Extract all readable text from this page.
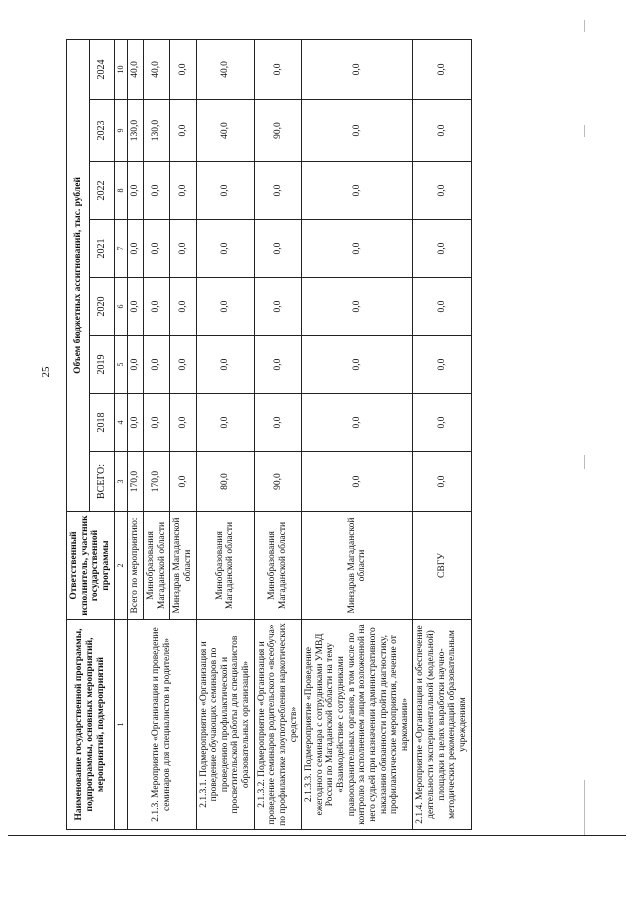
25
Наименование государственной программы, подпрограммы, основных мероприятий, мероприятий, подмероприятий	Ответственный исполнитель, участник государственной программы	Объем бюджетных ассигнований, тыс. рублей							
		ВСЕГО:	2018	2019	2020	2021	2022	2023	2024
1	2	3	4	5	6	7	8	9	10
2.1.3. Мероприятие «Организация и проведение семинаров для специалистов и родителей»	Всего по мероприятию:	170,0	0,0	0,0	0,0	0,0	0,0	130,0	40,0
	Минобразования Магаданской области	170,0	0,0	0,0	0,0	0,0	0,0	130,0	40,0
	Минздрав Магаданской области	0,0	0,0	0,0	0,0	0,0	0,0	0,0	0,0
2.1.3.1. Подмероприятие «Организация и проведение обучающих семинаров по проведению профилактической и просветительской работы для специалистов образовательных организаций»	Минобразования Магаданской области	80,0	0,0	0,0	0,0	0,0	0,0	40,0	40,0
2.1.3.2. Подмероприятие «Организация и проведение семинаров родительского «всеобуча» по профилактике злоупотребления наркотических средств»	Минобразования Магаданской области	90,0	0,0	0,0	0,0	0,0	0,0	90,0	0,0
2.1.3.3. Подмероприятие «Проведение ежегодного семинара с сотрудниками УМВД России по Магаданской области на тему «Взаимодействие с сотрудниками правоохранительных органов, в том числе по контролю за исполнением лицом возложенной на него судьей при назначении административного наказания обязанности пройти диагностику, профилактические мероприятия, лечение от наркомании»	Минздрав Магаданской области	0,0	0,0	0,0	0,0	0,0	0,0	0,0	0,0
2.1.4. Мероприятие «Организация и обеспечение деятельности экспериментальной (модельной) площадки в целях выработки научно-методических рекомендаций образовательным учреждениям	СВГУ	0,0	0,0	0,0	0,0	0,0	0,0	0,0	0,0
